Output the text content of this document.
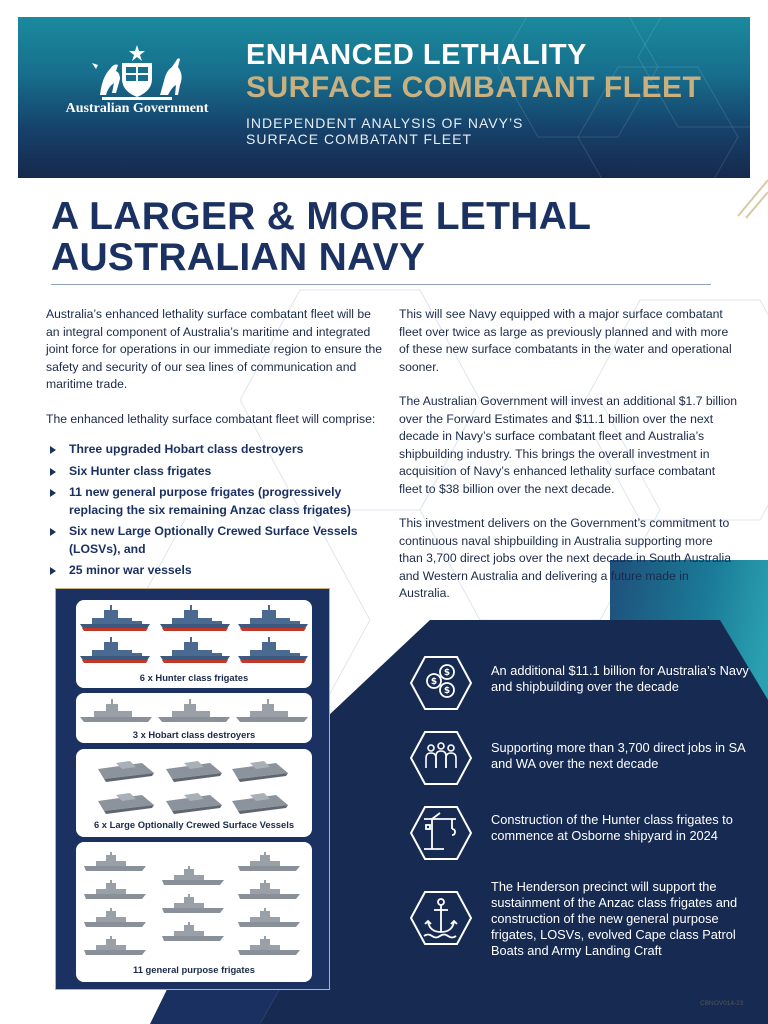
Australian Government
ENHANCED LETHALITY
SURFACE COMBATANT FLEET
INDEPENDENT ANALYSIS OF NAVY’S
SURFACE COMBATANT FLEET
A LARGER & MORE LETHAL
AUSTRALIAN NAVY

Australia’s enhanced lethality surface combatant fleet will be an integral component of Australia’s maritime and integrated joint force for operations in our immediate region to ensure the safety and security of our sea lines of communication and maritime trade.

The enhanced lethality surface combatant fleet will comprise:

Three upgraded Hobart class destroyers
Six Hunter class frigates
11 new general purpose frigates (progressively replacing the six remaining Anzac class frigates)
Six new Large Optionally Crewed Surface Vessels (LOSVs), and
25 minor war vessels

This will see Navy equipped with a major surface combatant fleet over twice as large as previously planned and with more of these new surface combatants in the water and operational sooner.

The Australian Government will invest an additional $1.7 billion over the Forward Estimates and $11.1 billion over the next decade in Navy’s surface combatant fleet and Australia’s shipbuilding industry. This brings the overall investment in acquisition of Navy’s enhanced lethality surface combatant fleet to $38 billion over the next decade.

This investment delivers on the Government’s commitment to continuous naval shipbuilding in Australia supporting more than 3,700 direct jobs over the next decade in South Australia and Western Australia and delivering a future made in Australia.

6 x Hunter class frigates
3 x Hobart class destroyers
6 x Large Optionally Crewed Surface Vessels
11 general purpose frigates
$
$
$
An additional $11.1 billion for Australia’s Navy and shipbuilding over the decade
Supporting more than 3,700 direct jobs in SA and WA over the next decade
Construction of the Hunter class frigates to commence at Osborne shipyard in 2024
The Henderson precinct will support the sustainment of the Anzac class frigates and construction of the new general purpose frigates, LOSVs, evolved Cape class Patrol Boats and Army Landing Craft
CBNOV014-23
